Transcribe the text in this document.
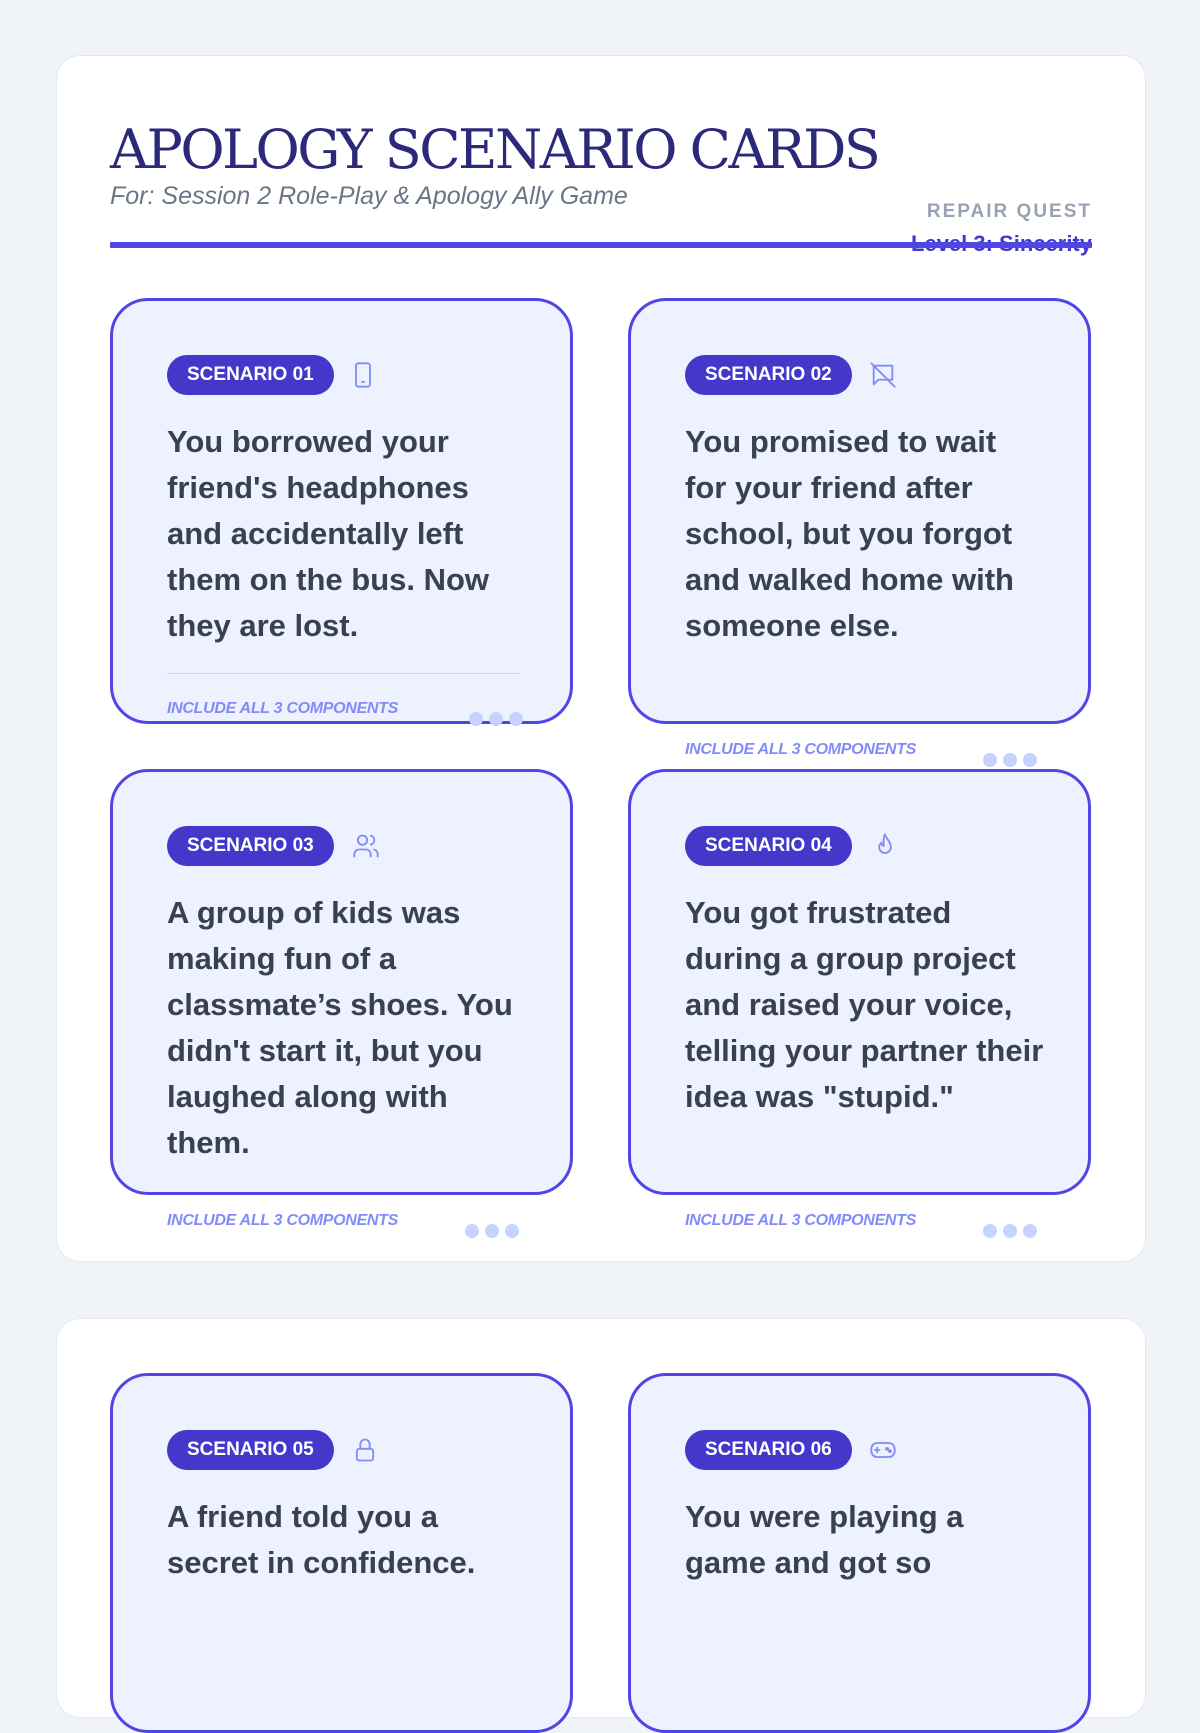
APOLOGY SCENARIO CARDS
For: Session 2 Role-Play & Apology Ally Game
REPAIR QUEST
SCENARIO 01
You borrowed your friend's headphones and accidentally left them on the bus. Now they are lost.
INCLUDE ALL 3 COMPONENTS
SCENARIO 02
You promised to wait for your friend after school, but you forgot and walked home with someone else.
INCLUDE ALL 3 COMPONENTS
SCENARIO 03
A group of kids was making fun of a classmate’s shoes. You didn't start it, but you laughed along with them.
INCLUDE ALL 3 COMPONENTS
SCENARIO 04
You got frustrated during a group project and raised your voice, telling your partner their idea was "stupid."
INCLUDE ALL 3 COMPONENTS
SCENARIO 05
A friend told you a secret in confidence.
SCENARIO 06
You were playing a game and got so
